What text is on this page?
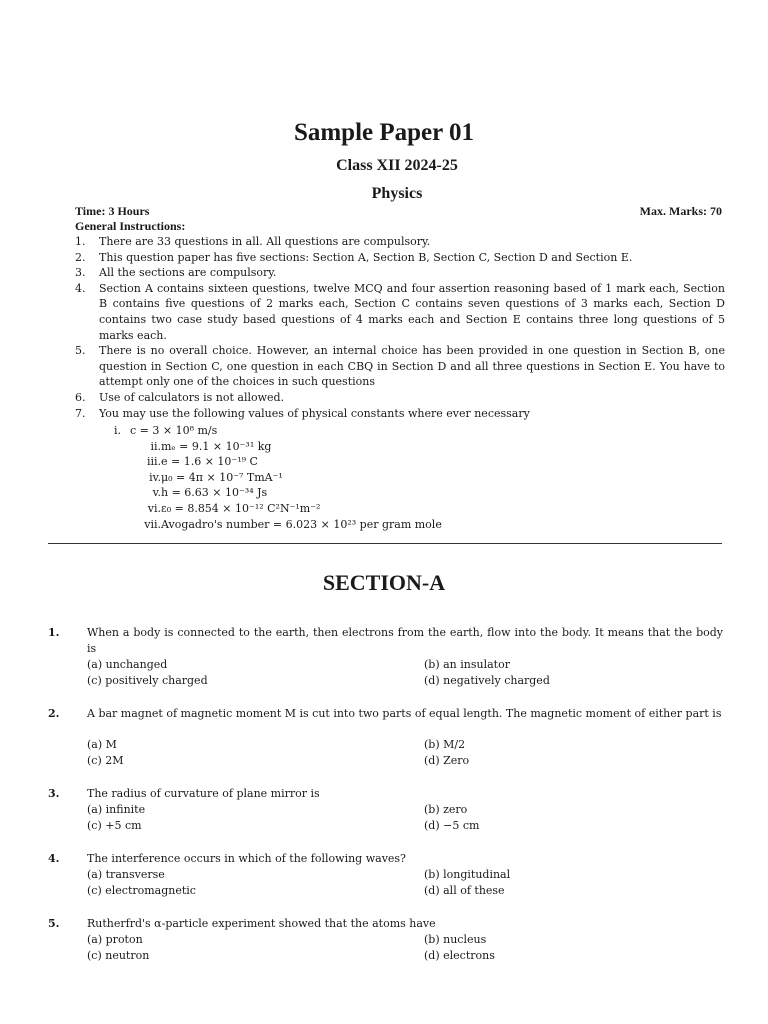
Sample Paper 01
Class XII 2024-25
Physics
Time: 3 Hours	Max. Marks: 70
General Instructions:
1. There are 33 questions in all. All questions are compulsory.
2. This question paper has five sections: Section A, Section B, Section C, Section D and Section E.
3. All the sections are compulsory.
4. Section A contains sixteen questions, twelve MCQ and four assertion reasoning based of 1 mark each, Section B contains five questions of 2 marks each, Section C contains seven questions of 3 marks each, Section D contains two case study based questions of 4 marks each and Section E contains three long questions of 5 marks each.
5. There is no overall choice. However, an internal choice has been provided in one question in Section B, one question in Section C, one question in each CBQ in Section D and all three questions in Section E. You have to attempt only one of the choices in such questions
6. Use of calculators is not allowed.
7. You may use the following values of physical constants where ever necessary
i. c = 3 × 10⁸ m/s
ii. mₑ = 9.1 × 10⁻³¹ kg
iii. e = 1.6 × 10⁻¹⁹ C
iv. μ₀ = 4π × 10⁻⁷ TmA⁻¹
v. h = 6.63 × 10⁻³⁴ Js
vi. ε₀ = 8.854 × 10⁻¹² C²N⁻¹m⁻²
vii. Avogadro's number = 6.023 × 10²³ per gram mole
SECTION-A
1.	When a body is connected to the earth, then electrons from the earth, flow into the body. It means that the body is
(a) unchanged	(b) an insulator
(c) positively charged	(d) negatively charged
2.	A bar magnet of magnetic moment M is cut into two parts of equal length. The magnetic moment of either part is
(a) M	(b) M/2
(c) 2M	(d) Zero
3.	The radius of curvature of plane mirror is
(a) infinite	(b) zero
(c) +5 cm	(d) −5 cm
4.	The interference occurs in which of the following waves?
(a) transverse	(b) longitudinal
(c) electromagnetic	(d) all of these
5.	Rutherfrd's α-particle experiment showed that the atoms have
(a) proton	(b) nucleus
(c) neutron	(d) electrons
